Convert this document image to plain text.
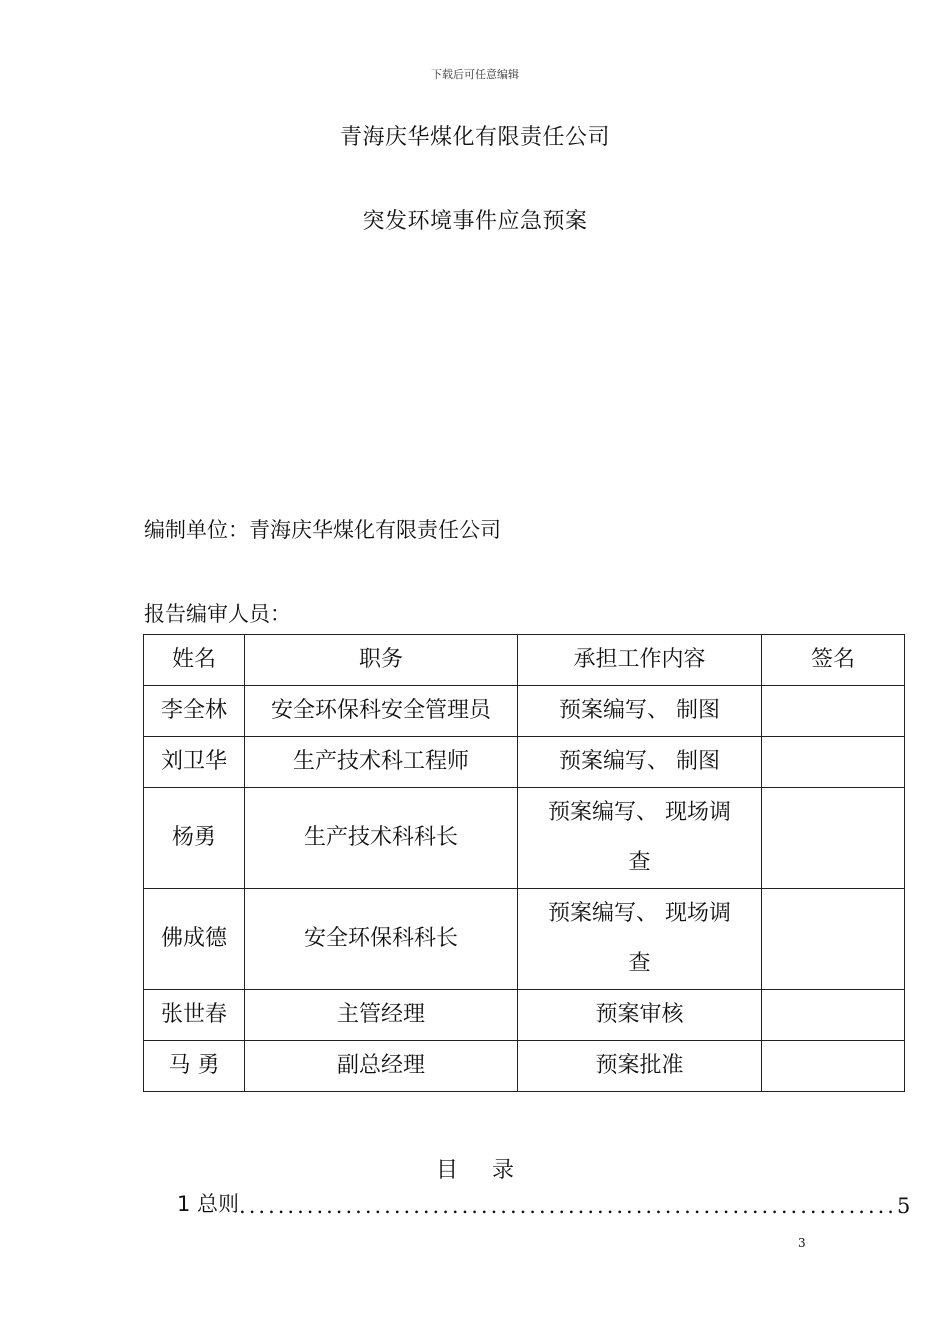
下载后可任意编辑
青海庆华煤化有限责任公司
突发环境事件应急预案
编制单位：青海庆华煤化有限责任公司
报告编审人员：
姓名	职务	承担工作内容	签名
李全林	安全环保科安全管理员	预案编写、 制图	
刘卫华	生产技术科工程师	预案编写、 制图	
杨勇	生产技术科科长	预案编写、 现场调
查	

佛成德	安全环保科科长	预案编写、 现场调
查	

张世春	主管经理	预案审核	
马 勇	副总经理	预案批准	
目 录
1 总则 .................................................................... 5
3
